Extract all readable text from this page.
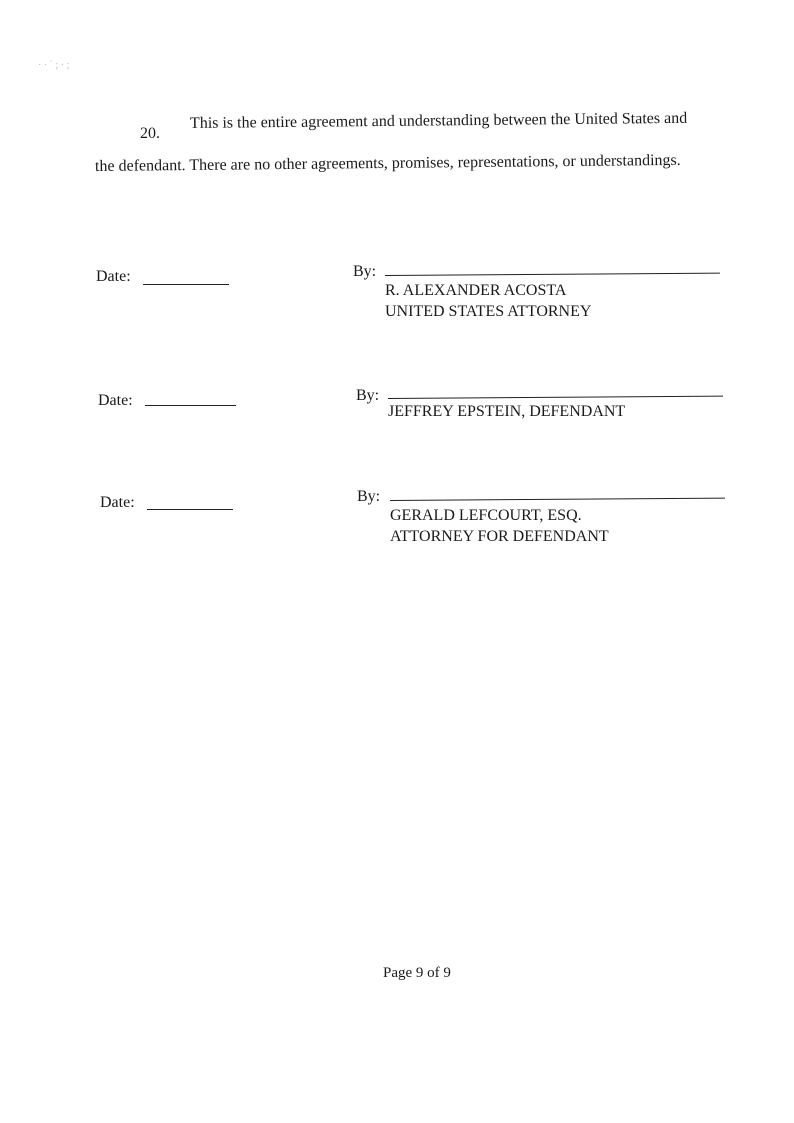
· · ´ ; · ;
20.
This is the entire agreement and understanding between the United States and
the defendant. There are no other agreements, promises, representations, or understandings.
Date:	By:
R. ALEXANDER ACOSTA
UNITED STATES ATTORNEY
Date:	By:
JEFFREY EPSTEIN, DEFENDANT
Date:	By:
GERALD LEFCOURT, ESQ.
ATTORNEY FOR DEFENDANT
Page 9 of 9
